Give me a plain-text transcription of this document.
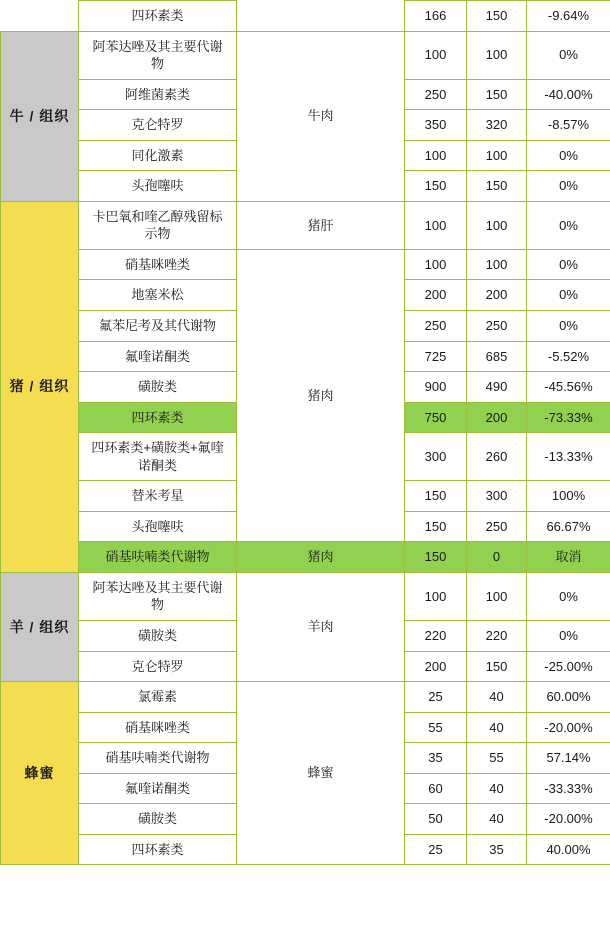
	四环素类		166	150	-9.64%
牛 / 组织	阿苯达唑及其主要代谢物	牛肉	100	100	0%
	阿维菌素类		250	150	-40.00%
	克仑特罗		350	320	-8.57%
	同化激素		100	100	0%
	头孢噻呋		150	150	0%
猪 / 组织	卡巴氧和喹乙醇残留标示物	猪肝	100	100	0%
	硝基咪唑类	猪肉	100	100	0%
	地塞米松		200	200	0%
	氟苯尼考及其代谢物		250	250	0%
	氟喹诺酮类		725	685	-5.52%
	磺胺类		900	490	-45.56%
	四环素类		750	200	-73.33%
	四环素类+磺胺类+氟喹诺酮类		300	260	-13.33%
	替米考星		150	300	100%
	头孢噻呋		150	250	66.67%
	硝基呋喃类代谢物	猪肉	150	0	取消
羊 / 组织	阿苯达唑及其主要代谢物	羊肉	100	100	0%
	磺胺类		220	220	0%
	克仑特罗		200	150	-25.00%
蜂蜜	氯霉素	蜂蜜	25	40	60.00%
	硝基咪唑类		55	40	-20.00%
	硝基呋喃类代谢物		35	55	57.14%
	氟喹诺酮类		60	40	-33.33%
	磺胺类		50	40	-20.00%
	四环素类		25	35	40.00%
